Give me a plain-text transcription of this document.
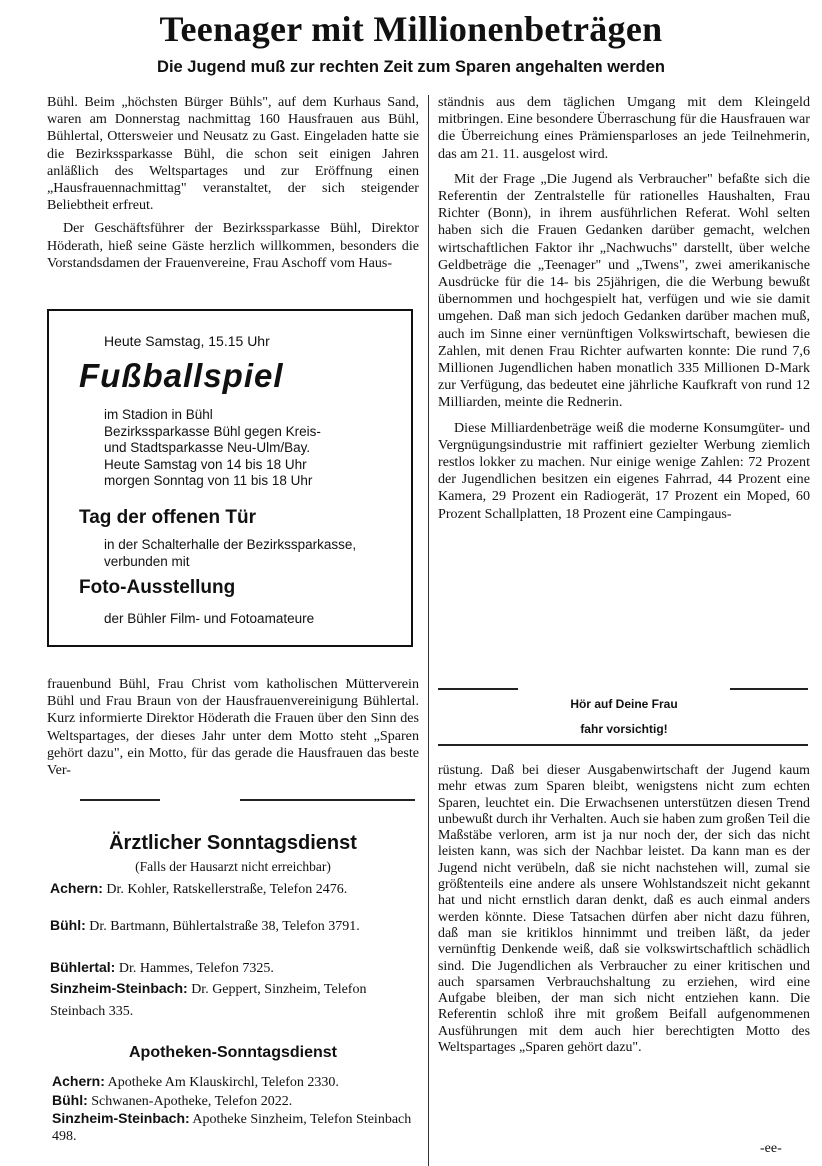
Teenager mit Millionenbeträgen
Die Jugend muß zur rechten Zeit zum Sparen angehalten werden

Bühl. Beim „höchsten Bürger Bühls", auf dem Kurhaus Sand, waren am Donnerstag nachmittag 160 Hausfrauen aus Bühl, Bühlertal, Ottersweier und Neusatz zu Gast. Eingeladen hatte sie die Bezirkssparkasse Bühl, die schon seit einigen Jahren anläßlich des Weltspartages und zur Eröffnung einen „Hausfrauennachmittag" veranstaltet, der sich steigender Beliebtheit erfreut.

Der Geschäftsführer der Bezirkssparkasse Bühl, Direktor Höderath, hieß seine Gäste herzlich willkommen, besonders die Vorstandsdamen der Frauenvereine, Frau Aschoff vom Haus-

Heute Samstag, 15.15 Uhr
Fußballspiel
im Stadion in Bühl
Bezirkssparkasse Bühl gegen Kreis-
und Stadtsparkasse Neu-Ulm/Bay.
Heute Samstag von 14 bis 18 Uhr
morgen Sonntag von 11 bis 18 Uhr
Tag der offenen Tür
in der Schalterhalle der Bezirkssparkasse, verbunden mit
Foto-Ausstellung
der Bühler Film- und Fotoamateure

frauenbund Bühl, Frau Christ vom katholischen Mütterverein Bühl und Frau Braun von der Hausfrauenvereinigung Bühlertal. Kurz informierte Direktor Höderath die Frauen über den Sinn des Weltspartages, der dieses Jahr unter dem Motto steht „Sparen gehört dazu", ein Motto, für das gerade die Hausfrauen das beste Ver-

Ärztlicher Sonntagsdienst
(Falls der Hausarzt nicht erreichbar)

Achern: Dr. Kohler, Ratskellerstraße, Telefon 2476.

Bühl: Dr. Bartmann, Bühlertalstraße 38, Telefon 3791.

Bühlertal: Dr. Hammes, Telefon 7325.

Sinzheim-Steinbach: Dr. Geppert, Sinzheim, Telefon Steinbach 335.

Apotheken-Sonntagsdienst

Achern: Apotheke Am Klauskirchl, Telefon 2330.

Bühl: Schwanen-Apotheke, Telefon 2022.

Sinzheim-Steinbach: Apotheke Sinzheim, Telefon Steinbach 498.

ständnis aus dem täglichen Umgang mit dem Kleingeld mitbringen. Eine besondere Überraschung für die Hausfrauen war die Überreichung eines Prämiensparloses an jede Teilnehmerin, das am 21. 11. ausgelost wird.

Mit der Frage „Die Jugend als Verbraucher" befaßte sich die Referentin der Zentralstelle für rationelles Haushalten, Frau Richter (Bonn), in ihrem ausführlichen Referat. Wohl selten haben sich die Frauen Gedanken darüber gemacht, welchen wirtschaftlichen Faktor ihr „Nachwuchs" darstellt, über welche Geldbeträge die „Teenager" und „Twens", zwei amerikanische Ausdrücke für die 14- bis 25jährigen, die die Werbung bewußt übernommen und hochgespielt hat, verfügen und wie sie damit umgehen. Daß man sich jedoch Gedanken darüber machen muß, auch im Sinne einer vernünftigen Volkswirtschaft, bewiesen die Zahlen, mit denen Frau Richter aufwarten konnte: Die rund 7,6 Millionen Jugendlichen haben monatlich 335 Millionen D-Mark zur Verfügung, das bedeutet eine jährliche Kaufkraft von rund 12 Milliarden, meinte die Rednerin.

Diese Milliardenbeträge weiß die moderne Konsumgüter- und Vergnügungsindustrie mit raffiniert gezielter Werbung ziemlich restlos lokker zu machen. Nur einige wenige Zahlen: 72 Prozent der Jugendlichen besitzen ein eigenes Fahrrad, 44 Prozent eine Kamera, 29 Prozent ein Radiogerät, 17 Prozent ein Moped, 60 Prozent Schallplatten, 18 Prozent eine Campingaus-

Hör auf Deine Frau
fahr vorsichtig!

rüstung. Daß bei dieser Ausgabenwirtschaft der Jugend kaum mehr etwas zum Sparen bleibt, wenigstens nicht zum echten Sparen, leuchtet ein. Die Erwachsenen unterstützen diesen Trend unbewußt durch ihr Verhalten. Auch sie haben zum großen Teil die Maßstäbe verloren, arm ist ja nur noch der, der sich das nicht leisten kann, was sich der Nachbar leistet. Da kann man es der Jugend nicht verübeln, daß sie nicht nachstehen will, zumal sie größtenteils eine andere als unsere Wohlstandszeit nicht gekannt hat und nicht ernstlich daran denkt, daß es auch einmal anders werden könnte. Diese Tatsachen dürfen aber nicht dazu führen, daß man sie kritiklos hinnimmt und treiben läßt, da jeder vernünftig Denkende weiß, daß sie volkswirtschaftlich schädlich sind. Die Jugendlichen als Verbraucher zu einer kritischen und auch sparsamen Verbrauchshaltung zu erziehen, wird eine Aufgabe bleiben, der man sich nicht entziehen kann. Die Referentin schloß ihre mit großem Beifall aufgenommenen Ausführungen mit dem auch hier berechtigten Motto des Weltspartages „Sparen gehört dazu".

-ee-
